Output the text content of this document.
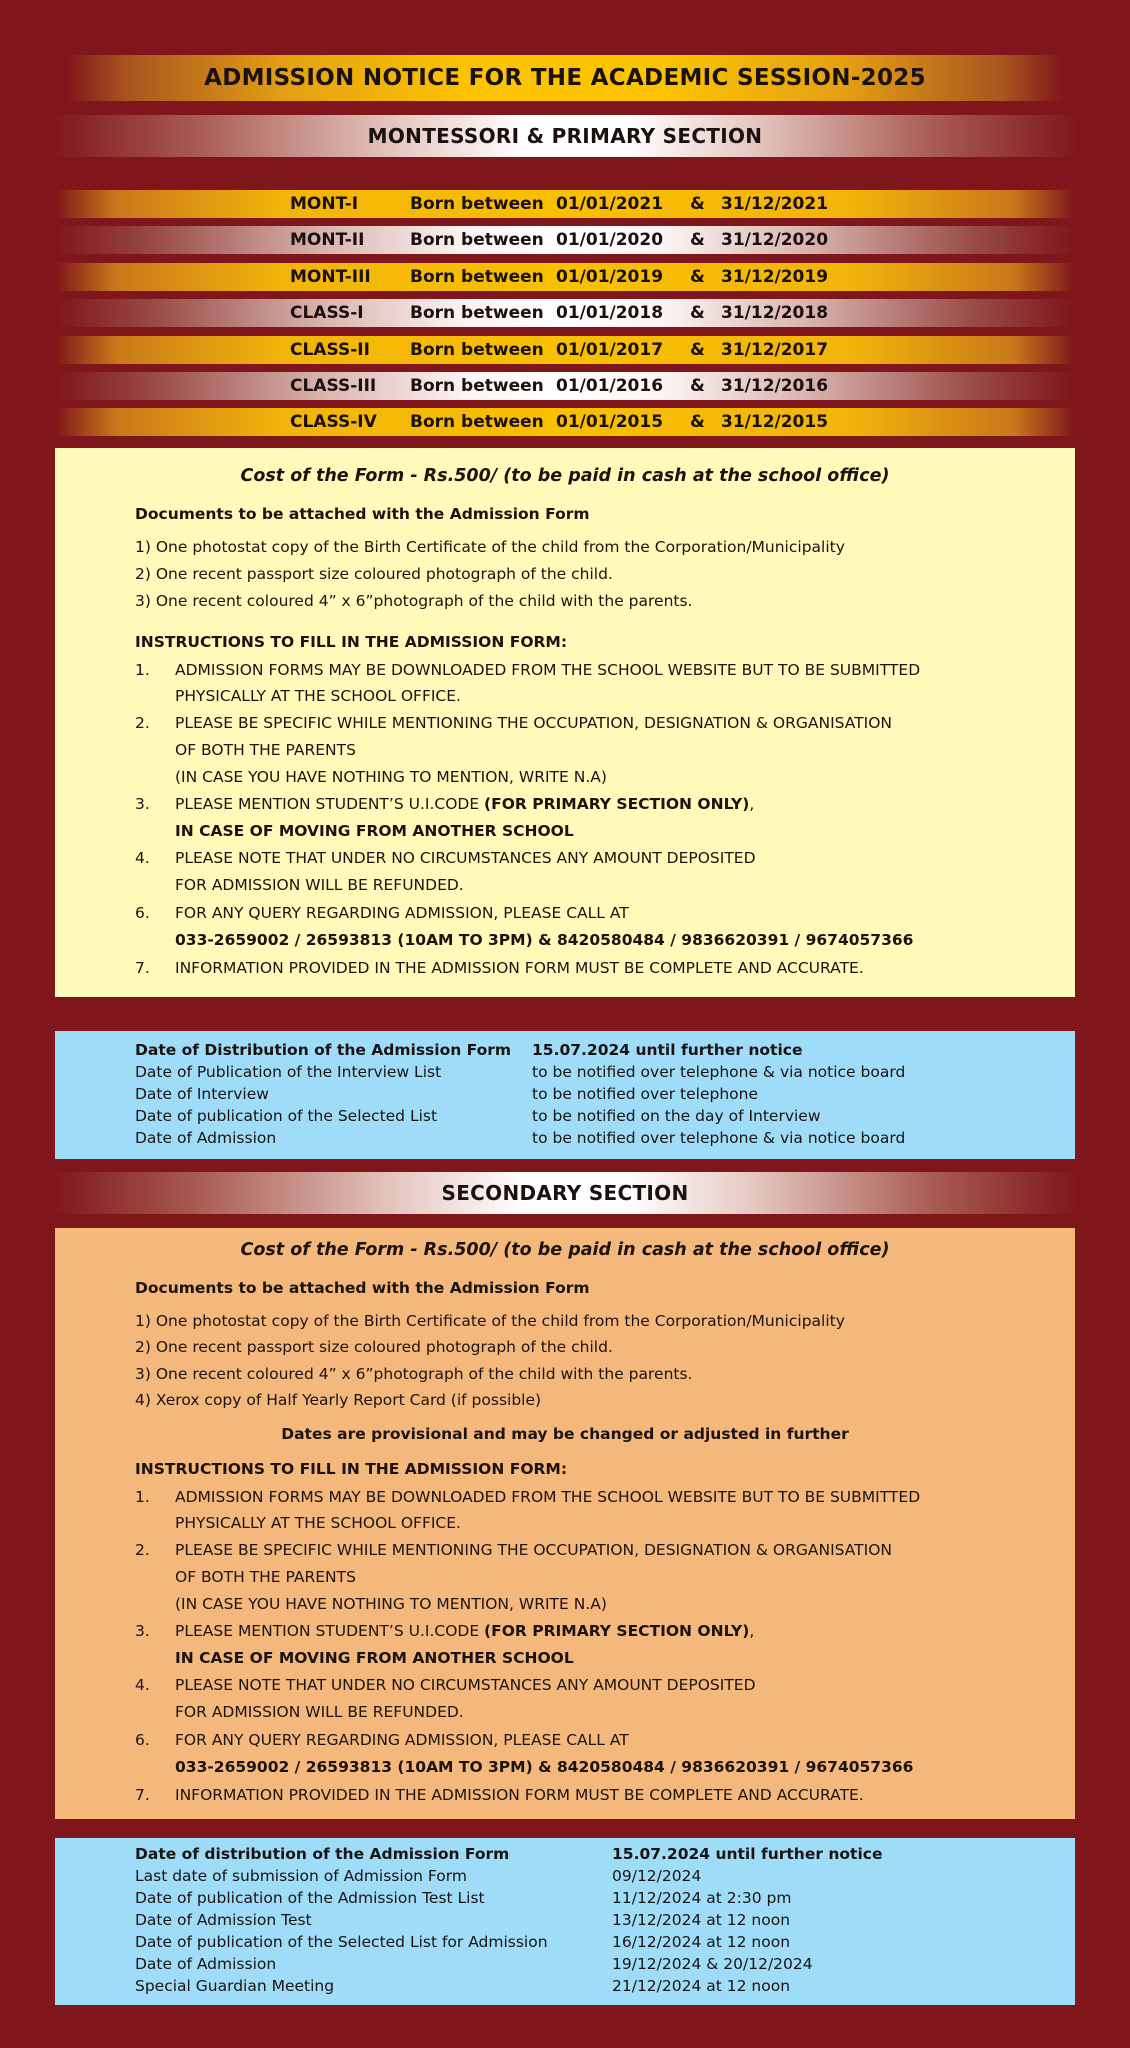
ADMISSION NOTICE FOR THE ACADEMIC SESSION-2025
MONTESSORI & PRIMARY SECTION
MONT-I	Born between 01/01/2021 & 31/12/2021
MONT-II	Born between 01/01/2020 & 31/12/2020
MONT-III Born between 01/01/2019 & 31/12/2019
CLASS-I	Born between 01/01/2018 & 31/12/2018
CLASS-II Born between 01/01/2017 & 31/12/2017
CLASS-III Born between 01/01/2016 & 31/12/2016
CLASS-IV Born between 01/01/2015 & 31/12/2015
Cost of the Form - Rs.500/ (to be paid in cash at the school office)
Documents to be attached with the Admission Form
1) One photostat copy of the Birth Certificate of the child from the Corporation/Municipality
2) One recent passport size coloured photograph of the child.
3) One recent coloured 4” x 6”photograph of the child with the parents.
INSTRUCTIONS TO FILL IN THE ADMISSION FORM:
1. ADMISSION FORMS MAY BE DOWNLOADED FROM THE SCHOOL WEBSITE BUT TO BE SUBMITTED
PHYSICALLY AT THE SCHOOL OFFICE.
2. PLEASE BE SPECIFIC WHILE MENTIONING THE OCCUPATION, DESIGNATION & ORGANISATION
OF BOTH THE PARENTS
(IN CASE YOU HAVE NOTHING TO MENTION, WRITE N.A)
3. PLEASE MENTION STUDENT’S U.I.CODE (FOR PRIMARY SECTION ONLY),
IN CASE OF MOVING FROM ANOTHER SCHOOL
4. PLEASE NOTE THAT UNDER NO CIRCUMSTANCES ANY AMOUNT DEPOSITED
FOR ADMISSION WILL BE REFUNDED.
6. FOR ANY QUERY REGARDING ADMISSION, PLEASE CALL AT
033-2659002 / 26593813 (10AM TO 3PM) & 8420580484 / 9836620391 / 9674057366
7. INFORMATION PROVIDED IN THE ADMISSION FORM MUST BE COMPLETE AND ACCURATE.
Date of Distribution of the Admission Form 15.07.2024 until further notice
Date of Publication of the Interview List	to be notified over telephone & via notice board
Date of Interview	to be notified over telephone
Date of publication of the Selected List	to be notified on the day of Interview
Date of Admission	to be notified over telephone & via notice board
SECONDARY SECTION
Cost of the Form - Rs.500/ (to be paid in cash at the school office)
Documents to be attached with the Admission Form
1) One photostat copy of the Birth Certificate of the child from the Corporation/Municipality
2) One recent passport size coloured photograph of the child.
3) One recent coloured 4” x 6”photograph of the child with the parents.
4) Xerox copy of Half Yearly Report Card (if possible)
Dates are provisional and may be changed or adjusted in further
INSTRUCTIONS TO FILL IN THE ADMISSION FORM:
1. ADMISSION FORMS MAY BE DOWNLOADED FROM THE SCHOOL WEBSITE BUT TO BE SUBMITTED
PHYSICALLY AT THE SCHOOL OFFICE.
2. PLEASE BE SPECIFIC WHILE MENTIONING THE OCCUPATION, DESIGNATION & ORGANISATION
OF BOTH THE PARENTS
(IN CASE YOU HAVE NOTHING TO MENTION, WRITE N.A)
3. PLEASE MENTION STUDENT’S U.I.CODE (FOR PRIMARY SECTION ONLY),
IN CASE OF MOVING FROM ANOTHER SCHOOL
4. PLEASE NOTE THAT UNDER NO CIRCUMSTANCES ANY AMOUNT DEPOSITED
FOR ADMISSION WILL BE REFUNDED.
6. FOR ANY QUERY REGARDING ADMISSION, PLEASE CALL AT
033-2659002 / 26593813 (10AM TO 3PM) & 8420580484 / 9836620391 / 9674057366
7. INFORMATION PROVIDED IN THE ADMISSION FORM MUST BE COMPLETE AND ACCURATE.
Date of distribution of the Admission Form	15.07.2024 until further notice
Last date of submission of Admission Form	09/12/2024
Date of publication of the Admission Test List	11/12/2024 at 2:30 pm
Date of Admission Test	13/12/2024 at 12 noon
Date of publication of the Selected List for Admission	16/12/2024 at 12 noon
Date of Admission	19/12/2024 & 20/12/2024
Special Guardian Meeting	21/12/2024 at 12 noon
